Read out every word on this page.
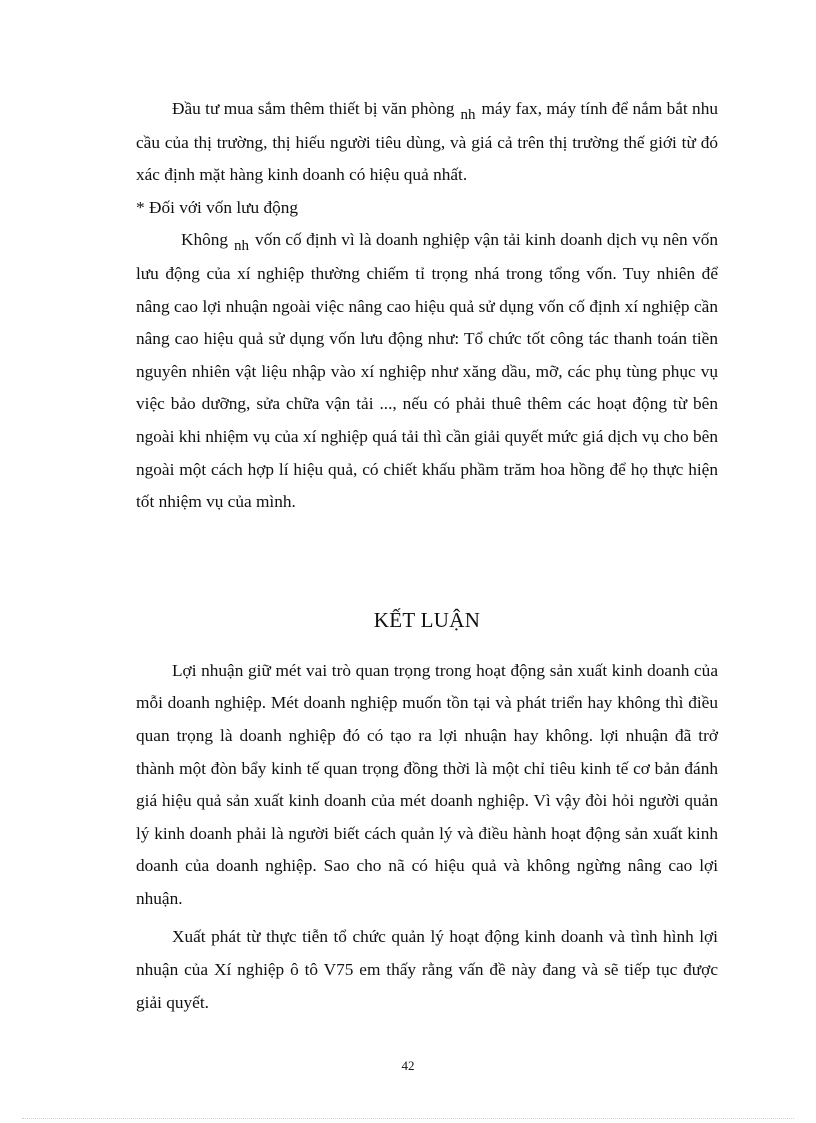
Đầu tư mua sắm thêm thiết bị văn phòng nh máy fax, máy tính để nắm bắt nhu cầu của thị trường, thị hiếu người tiêu dùng, và giá cả trên thị trường thế giới từ đó xác định mặt hàng kinh doanh có hiệu quả nhất.

* Đối với vốn lưu động

Không nh vốn cố định vì là doanh nghiệp vận tải kinh doanh dịch vụ nên vốn lưu động của xí nghiệp thường chiếm tỉ trọng nhá trong tổng vốn. Tuy nhiên để nâng cao lợi nhuận ngoài việc nâng cao hiệu quả sử dụng vốn cố định xí nghiệp cần nâng cao hiệu quả sử dụng vốn lưu động như: Tổ chức tốt công tác thanh toán tiền nguyên nhiên vật liệu nhập vào xí nghiệp như xăng dầu, mỡ, các phụ tùng phục vụ việc bảo dưỡng, sửa chữa vận tải ..., nếu có phải thuê thêm các hoạt động từ bên ngoài khi nhiệm vụ của xí nghiệp quá tải thì cần giải quyết mức giá dịch vụ cho bên ngoài một cách hợp lí hiệu quả, có chiết khấu phầm trăm hoa hồng để họ thực hiện tốt nhiệm vụ của mình.

KẾT LUẬN

Lợi nhuận giữ mét vai trò quan trọng trong hoạt động sản xuất kinh doanh của mỗi doanh nghiệp. Mét doanh nghiệp muốn tồn tại và phát triển hay không thì điều quan trọng là doanh nghiệp đó có tạo ra lợi nhuận hay không. lợi nhuận đã trở thành một đòn bẩy kinh tế quan trọng đồng thời là một chỉ tiêu kinh tế cơ bản đánh giá hiệu quả sản xuất kinh doanh của mét doanh nghiệp. Vì vậy đòi hỏi người quản lý kinh doanh phải là người biết cách quản lý và điều hành hoạt động sản xuất kinh doanh của doanh nghiệp. Sao cho nã có hiệu quả và không ngừng nâng cao lợi nhuận.

Xuất phát từ thực tiễn tổ chức quản lý hoạt động kinh doanh và tình hình lợi nhuận của Xí nghiệp ô tô V75 em thấy rằng vấn đề này đang và sẽ tiếp tục được giải quyết.

42
